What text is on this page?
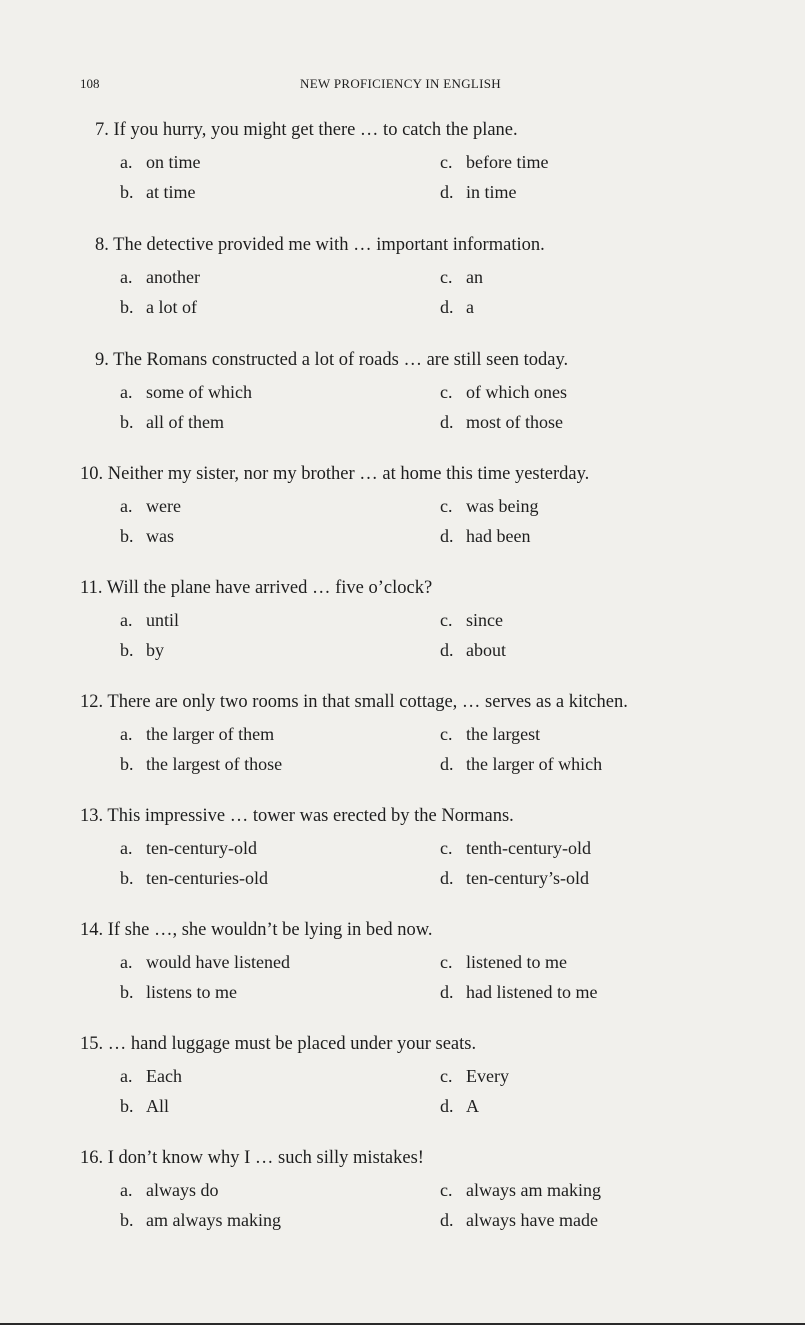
108	NEW PROFICIENCY IN ENGLISH
7. If you hurry, you might get there … to catch the plane.
a. on time	c. before time
b. at time	d. in time
8. The detective provided me with … important information.
a. another	c. an
b. a lot of	d. a
9. The Romans constructed a lot of roads … are still seen today.
a. some of which	c. of which ones
b. all of them	d. most of those
10. Neither my sister, nor my brother … at home this time yesterday.
a. were	c. was being
b. was	d. had been
11. Will the plane have arrived … five o’clock?
a. until	c. since
b. by	d. about
12. There are only two rooms in that small cottage, … serves as a kitchen.
a. the larger of them	c. the largest
b. the largest of those	d. the larger of which
13. This impressive … tower was erected by the Normans.
a. ten-century-old	c. tenth-century-old
b. ten-centuries-old	d. ten-century’s-old
14. If she …, she wouldn’t be lying in bed now.
a. would have listened	c. listened to me
b. listens to me	d. had listened to me
15. … hand luggage must be placed under your seats.
a. Each	c. Every
b. All	d. A
16. I don’t know why I … such silly mistakes!
a. always do	c. always am making
b. am always making	d. always have made
